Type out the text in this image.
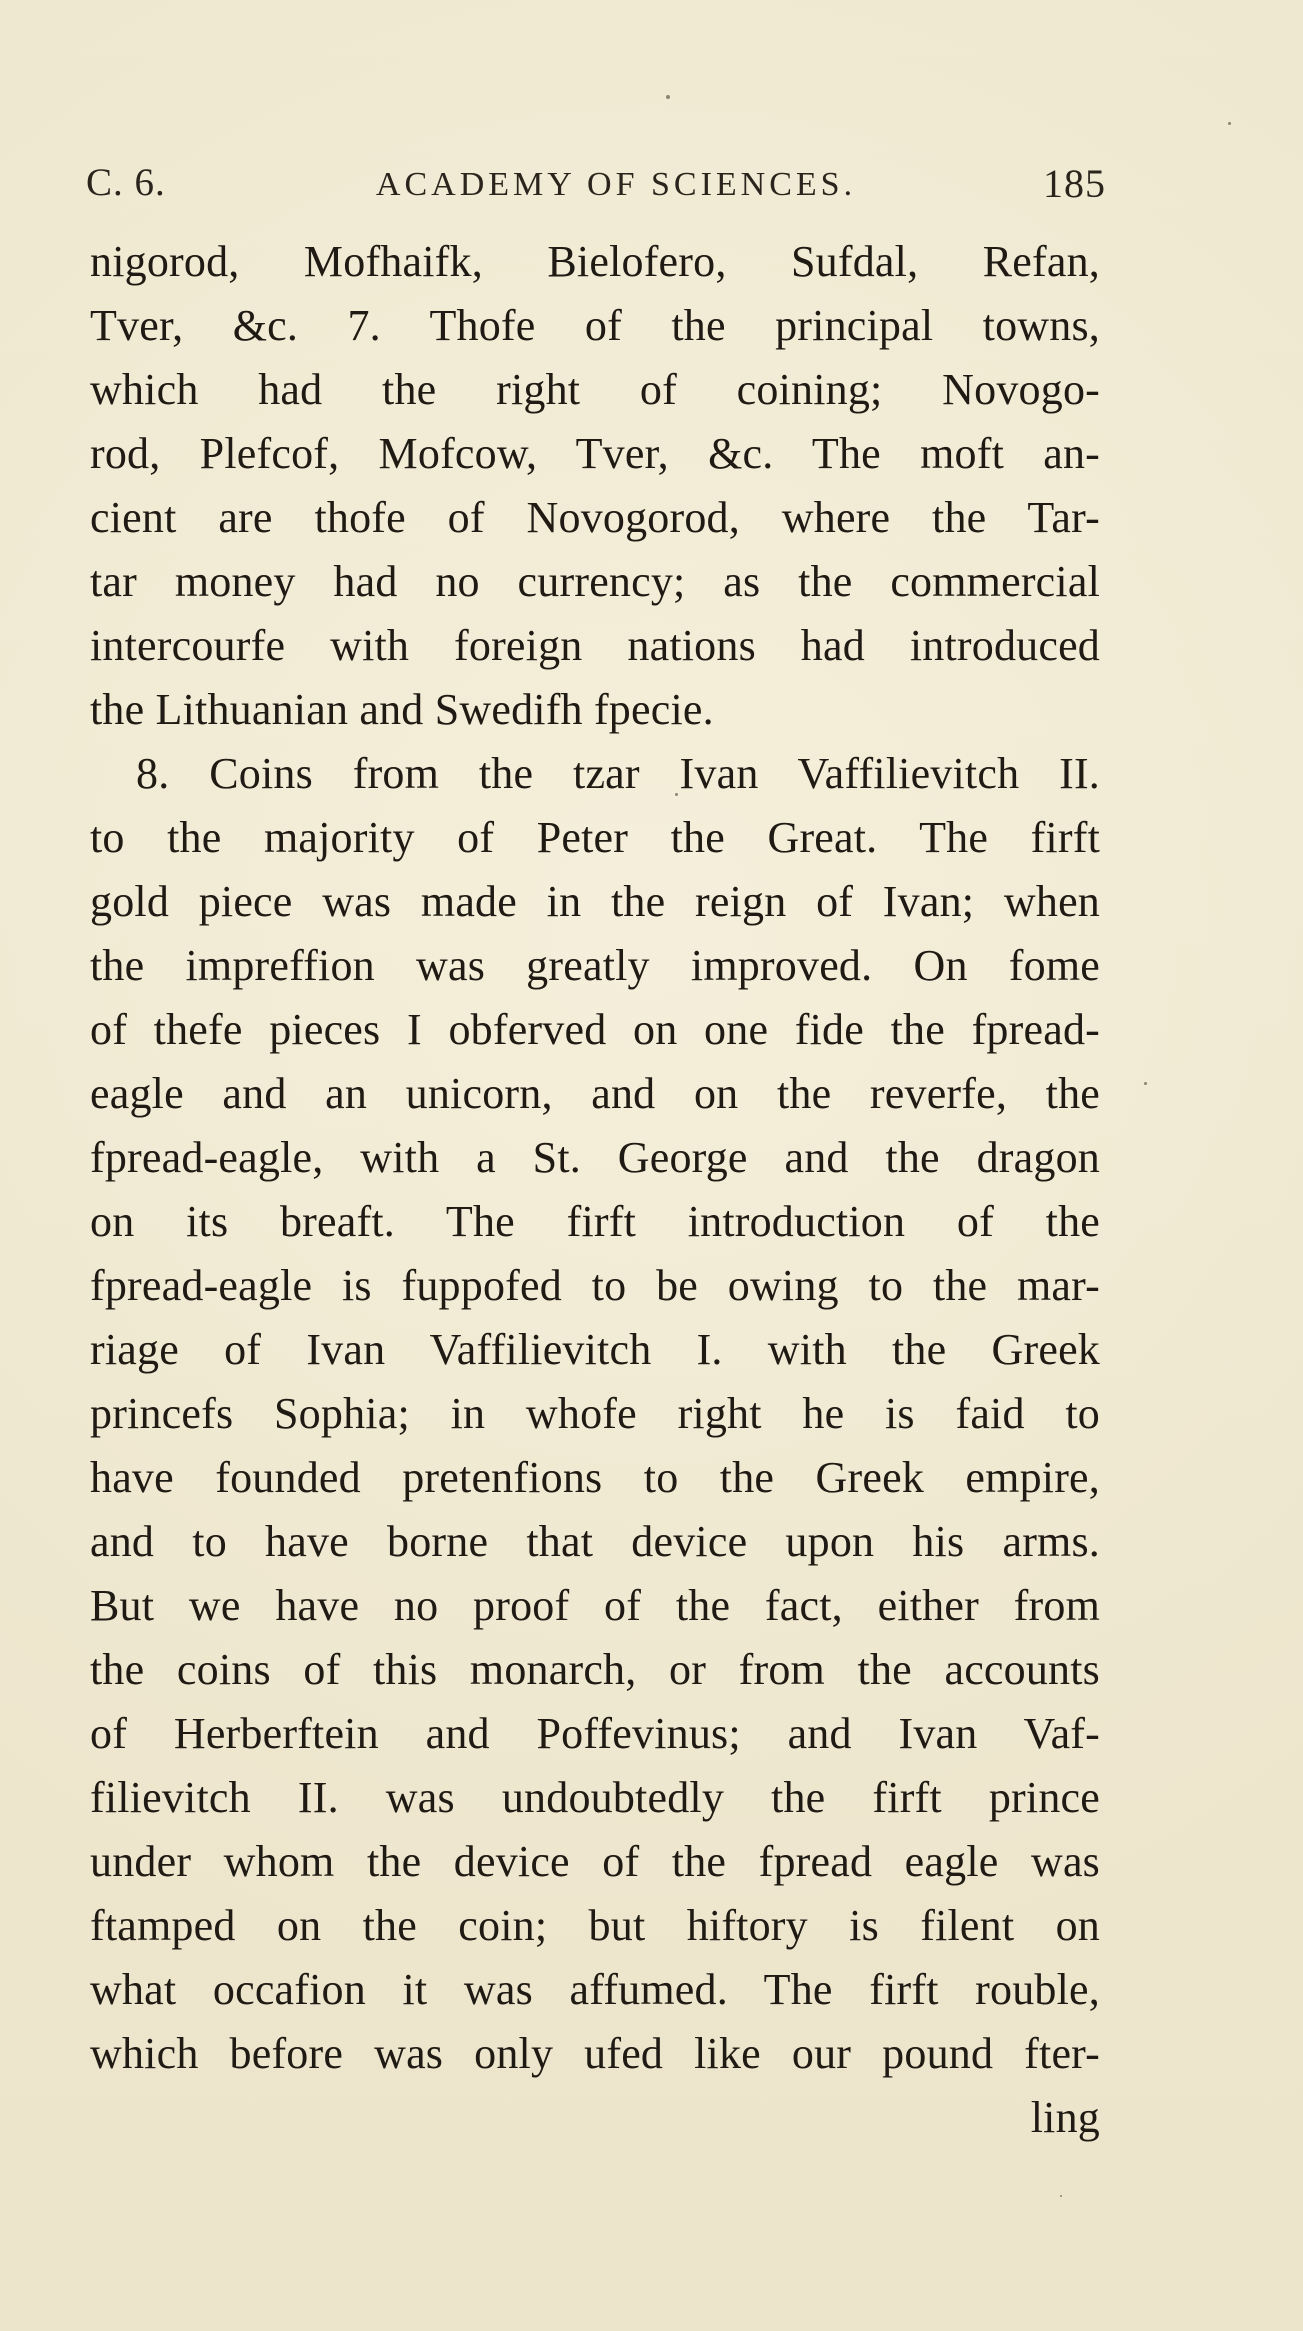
C. 6.	ACADEMY OF SCIENCES.	185
nigorod, Mofhaifk, Bielofero, Sufdal, Refan,
Tver, &c. 7. Thofe of the principal towns,
which had the right of coining; Novogo-
rod, Plefcof, Mofcow, Tver, &c. The moft an-
cient are thofe of Novogorod, where the Tar-
tar money had no currency; as the commercial
intercourfe with foreign nations had introduced
the Lithuanian and Swedifh fpecie.
8. Coins from the tzar Ivan Vaffilievitch II.
to the majority of Peter the Great. The firft
gold piece was made in the reign of Ivan; when
the impreffion was greatly improved. On fome
of thefe pieces I obferved on one fide the fpread-
eagle and an unicorn, and on the reverfe, the
fpread-eagle, with a St. George and the dragon
on its breaft. The firft introduction of the
fpread-eagle is fuppofed to be owing to the mar-
riage of Ivan Vaffilievitch I. with the Greek
princefs Sophia; in whofe right he is faid to
have founded pretenfions to the Greek empire,
and to have borne that device upon his arms.
But we have no proof of the fact, either from
the coins of this monarch, or from the accounts
of Herberftein and Poffevinus; and Ivan Vaf-
filievitch II. was undoubtedly the firft prince
under whom the device of the fpread eagle was
ftamped on the coin; but hiftory is filent on
what occafion it was affumed. The firft rouble,
which before was only ufed like our pound fter-
ling
